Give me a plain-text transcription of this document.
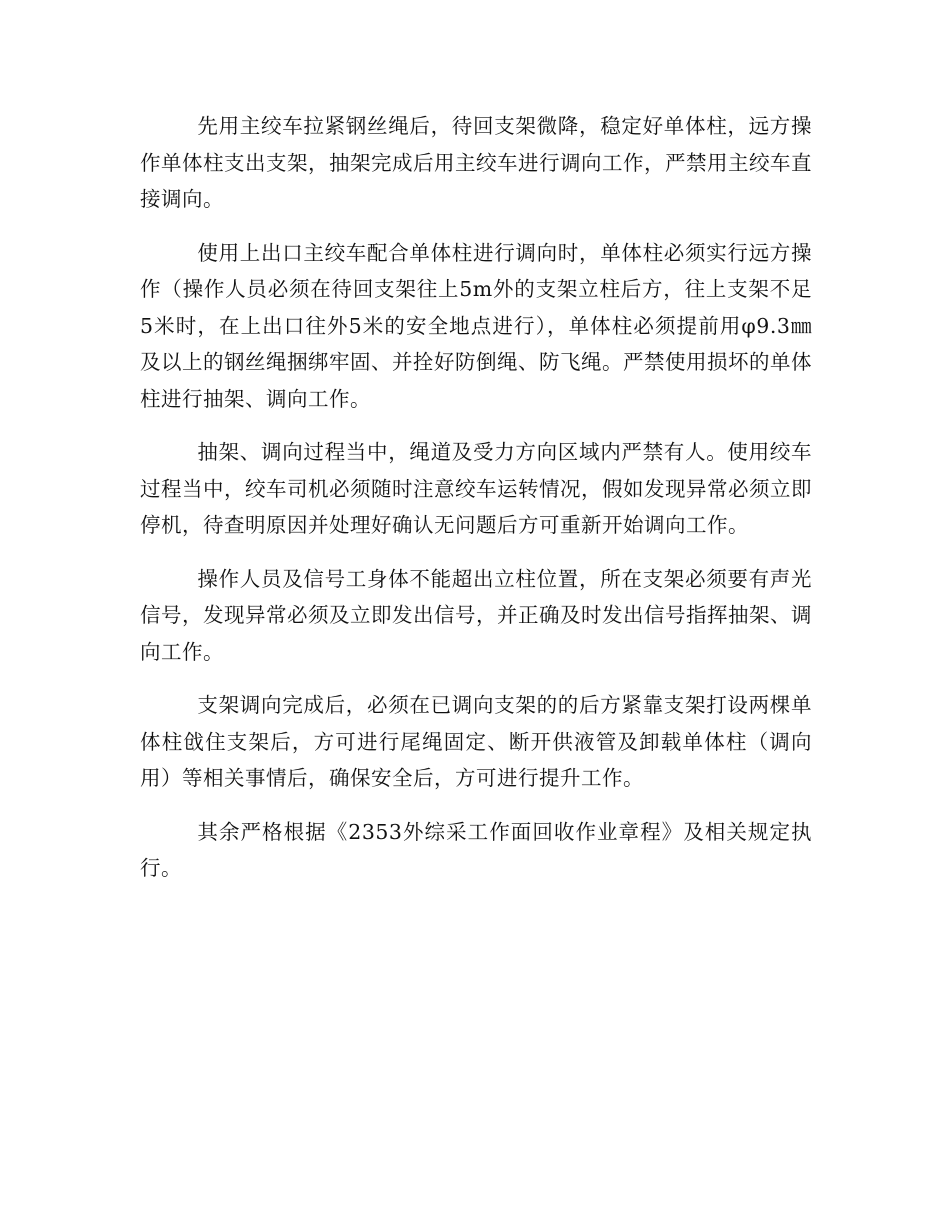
先用主绞车拉紧钢丝绳后，待回支架微降，稳定好单体柱，远方操作单体柱支出支架，抽架完成后用主绞车进行调向工作，严禁用主绞车直接调向。

使用上出口主绞车配合单体柱进行调向时，单体柱必须实行远方操作（操作人员必须在待回支架往上5m外的支架立柱后方，往上支架不足5米时，在上出口往外5米的安全地点进行），单体柱必须提前用φ9.3㎜及以上的钢丝绳捆绑牢固、并拴好防倒绳、防飞绳。严禁使用损坏的单体柱进行抽架、调向工作。

抽架、调向过程当中，绳道及受力方向区域内严禁有人。使用绞车过程当中，绞车司机必须随时注意绞车运转情况，假如发现异常必须立即停机，待查明原因并处理好确认无问题后方可重新开始调向工作。

操作人员及信号工身体不能超出立柱位置，所在支架必须要有声光信号，发现异常必须及立即发出信号，并正确及时发出信号指挥抽架、调向工作。

支架调向完成后，必须在已调向支架的的后方紧靠支架打设两棵单体柱戗住支架后，方可进行尾绳固定、断开供液管及卸载单体柱（调向用）等相关事情后，确保安全后，方可进行提升工作。

其余严格根据《2353外综采工作面回收作业章程》及相关规定执行。
